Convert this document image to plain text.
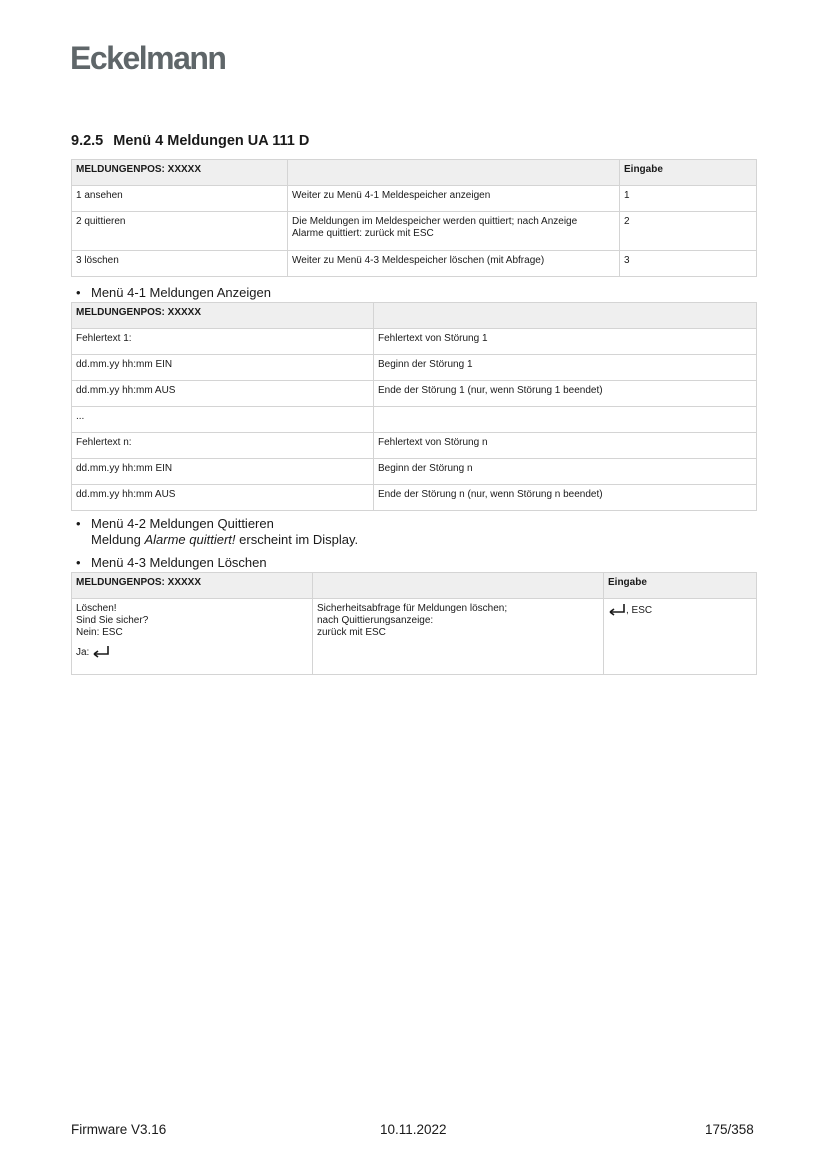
Eckelmann
9.2.5 Menü 4 Meldungen UA 111 D
MELDUNGENPOS: XXXXX		Eingabe
1 ansehen	Weiter zu Menü 4-1 Meldespeicher anzeigen	1
2 quittieren	Die Meldungen im Meldespeicher werden quittiert; nach Anzeige
Alarme quittiert: zurück mit ESC	2
3 löschen	Weiter zu Menü 4-3 Meldespeicher löschen (mit Abfrage)	3
• Menü 4-1 Meldungen Anzeigen
MELDUNGENPOS: XXXXX	
Fehlertext 1:	Fehlertext von Störung 1
dd.mm.yy hh:mm EIN	Beginn der Störung 1
dd.mm.yy hh:mm AUS	Ende der Störung 1 (nur, wenn Störung 1 beendet)
...	
Fehlertext n:	Fehlertext von Störung n
dd.mm.yy hh:mm EIN	Beginn der Störung n
dd.mm.yy hh:mm AUS	Ende der Störung n (nur, wenn Störung n beendet)
• Menü 4-2 Meldungen Quittieren
Meldung Alarme quittiert! erscheint im Display.
• Menü 4-3 Meldungen Löschen
MELDUNGENPOS: XXXXX		Eingabe

Löschen!
Sind Sie sicher?
Nein: ESC
Ja:	Sicherheitsabfrage für Meldungen löschen;
nach Quittierungsanzeige:
zurück mit ESC	, ESC
Firmware V3.16	10.11.2022	175/358
